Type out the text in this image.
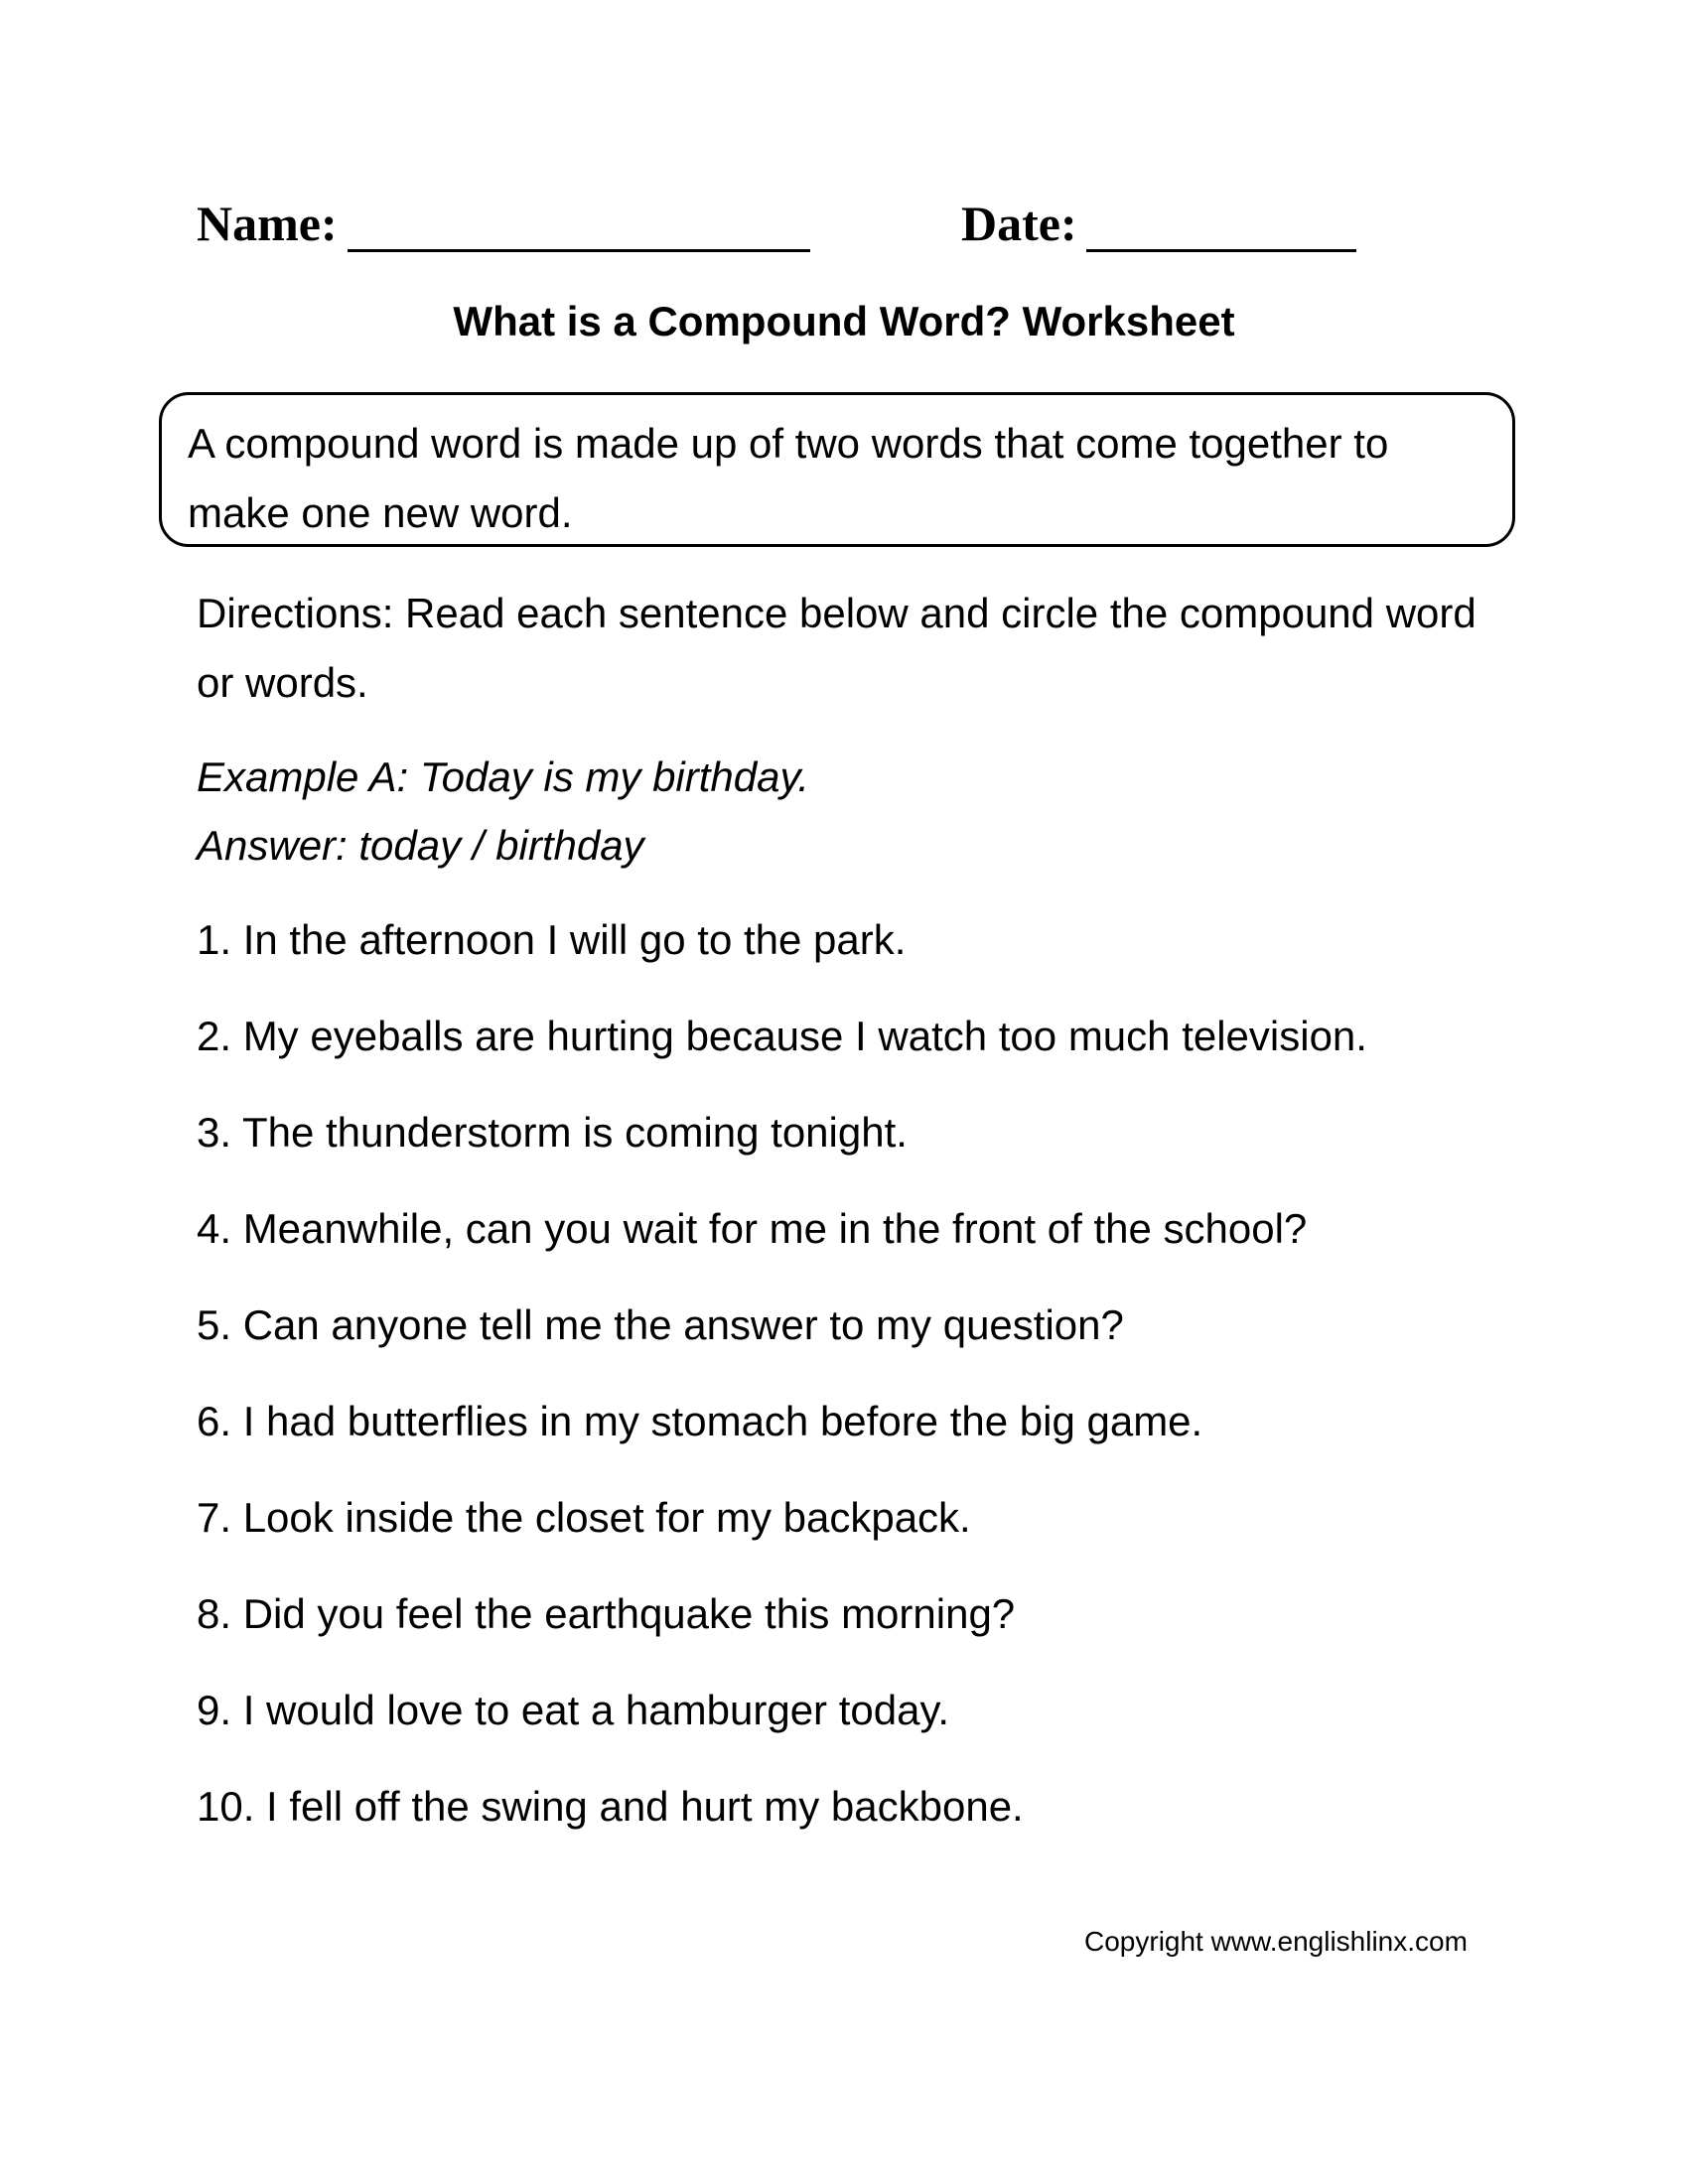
Name:	Date:
What is a Compound Word? Worksheet
A compound word is made up of two words that come together to make one new word.
Directions: Read each sentence below and circle the compound word or words.
Example A: Today is my birthday.
Answer: today / birthday
1. In the afternoon I will go to the park.
2. My eyeballs are hurting because I watch too much television.
3. The thunderstorm is coming tonight.
4. Meanwhile, can you wait for me in the front of the school?
5. Can anyone tell me the answer to my question?
6. I had butterflies in my stomach before the big game.
7. Look inside the closet for my backpack.
8. Did you feel the earthquake this morning?
9. I would love to eat a hamburger today.
10. I fell off the swing and hurt my backbone.
Copyright www.englishlinx.com
